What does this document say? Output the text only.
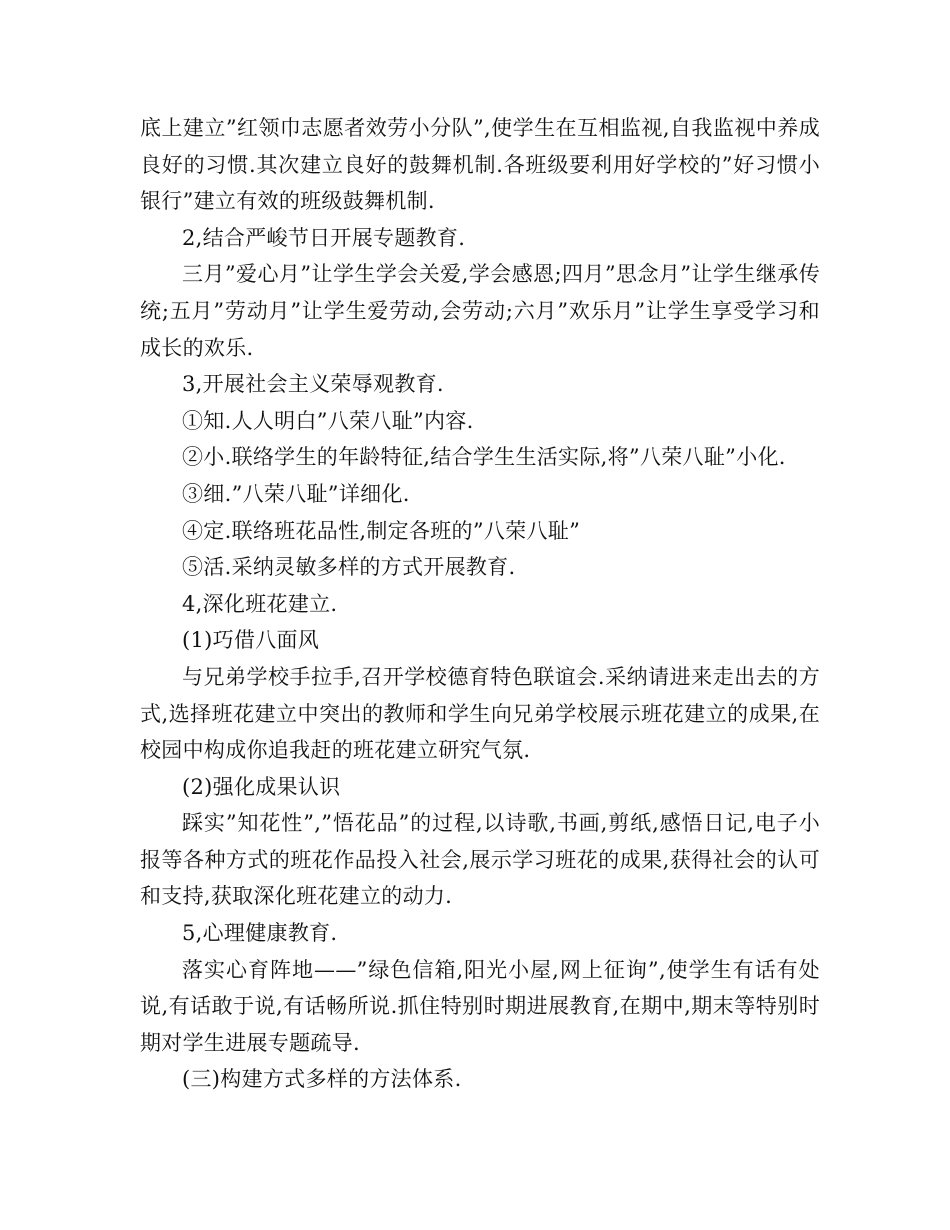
底上建立”红领巾志愿者效劳小分队”,使学生在互相监视,自我监视中养成良好的习惯.其次建立良好的鼓舞机制.各班级要利用好学校的”好习惯小银行”建立有效的班级鼓舞机制.

2,结合严峻节日开展专题教育.

三月”爱心月”让学生学会关爱,学会感恩;四月”思念月”让学生继承传统;五月”劳动月”让学生爱劳动,会劳动;六月”欢乐月”让学生享受学习和成长的欢乐.

3,开展社会主义荣辱观教育.

①知.人人明白”八荣八耻”内容.

②小.联络学生的年龄特征,结合学生生活实际,将”八荣八耻”小化.

③细.”八荣八耻”详细化.

④定.联络班花品性,制定各班的”八荣八耻”

⑤活.采纳灵敏多样的方式开展教育.

4,深化班花建立.

(1)巧借八面风

与兄弟学校手拉手,召开学校德育特色联谊会.采纳请进来走出去的方式,选择班花建立中突出的教师和学生向兄弟学校展示班花建立的成果,在校园中构成你追我赶的班花建立研究气氛.

(2)强化成果认识

踩实”知花性”,”悟花品”的过程,以诗歌,书画,剪纸,感悟日记,电子小报等各种方式的班花作品投入社会,展示学习班花的成果,获得社会的认可和支持,获取深化班花建立的动力.

5,心理健康教育.

落实心育阵地——”绿色信箱,阳光小屋,网上征询”,使学生有话有处说,有话敢于说,有话畅所说.抓住特别时期进展教育,在期中,期末等特别时期对学生进展专题疏导.

(三)构建方式多样的方法体系.
